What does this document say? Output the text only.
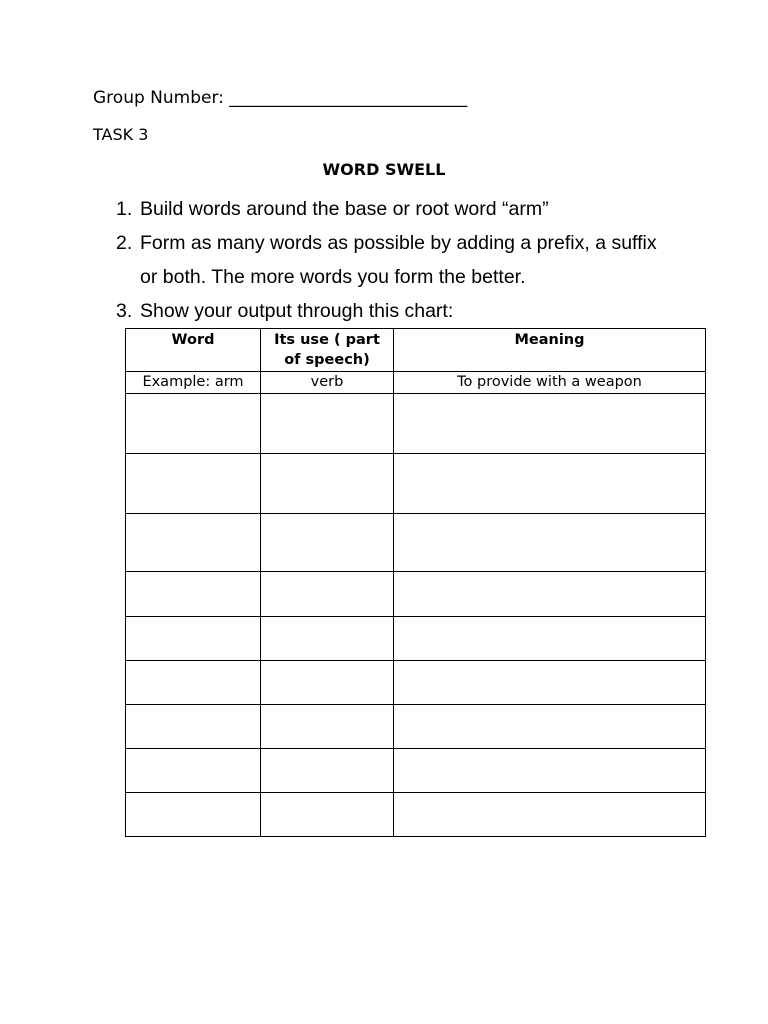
Group Number: ____________________________
TASK 3
WORD SWELL
1. Build words around the base or root word “arm”
2. Form as many words as possible by adding a prefix, a suffix or both. The more words you form the better.
3. Show your output through this chart:
Word	Its use ( part of speech)	Meaning
Example: arm	verb	To provide with a weapon
